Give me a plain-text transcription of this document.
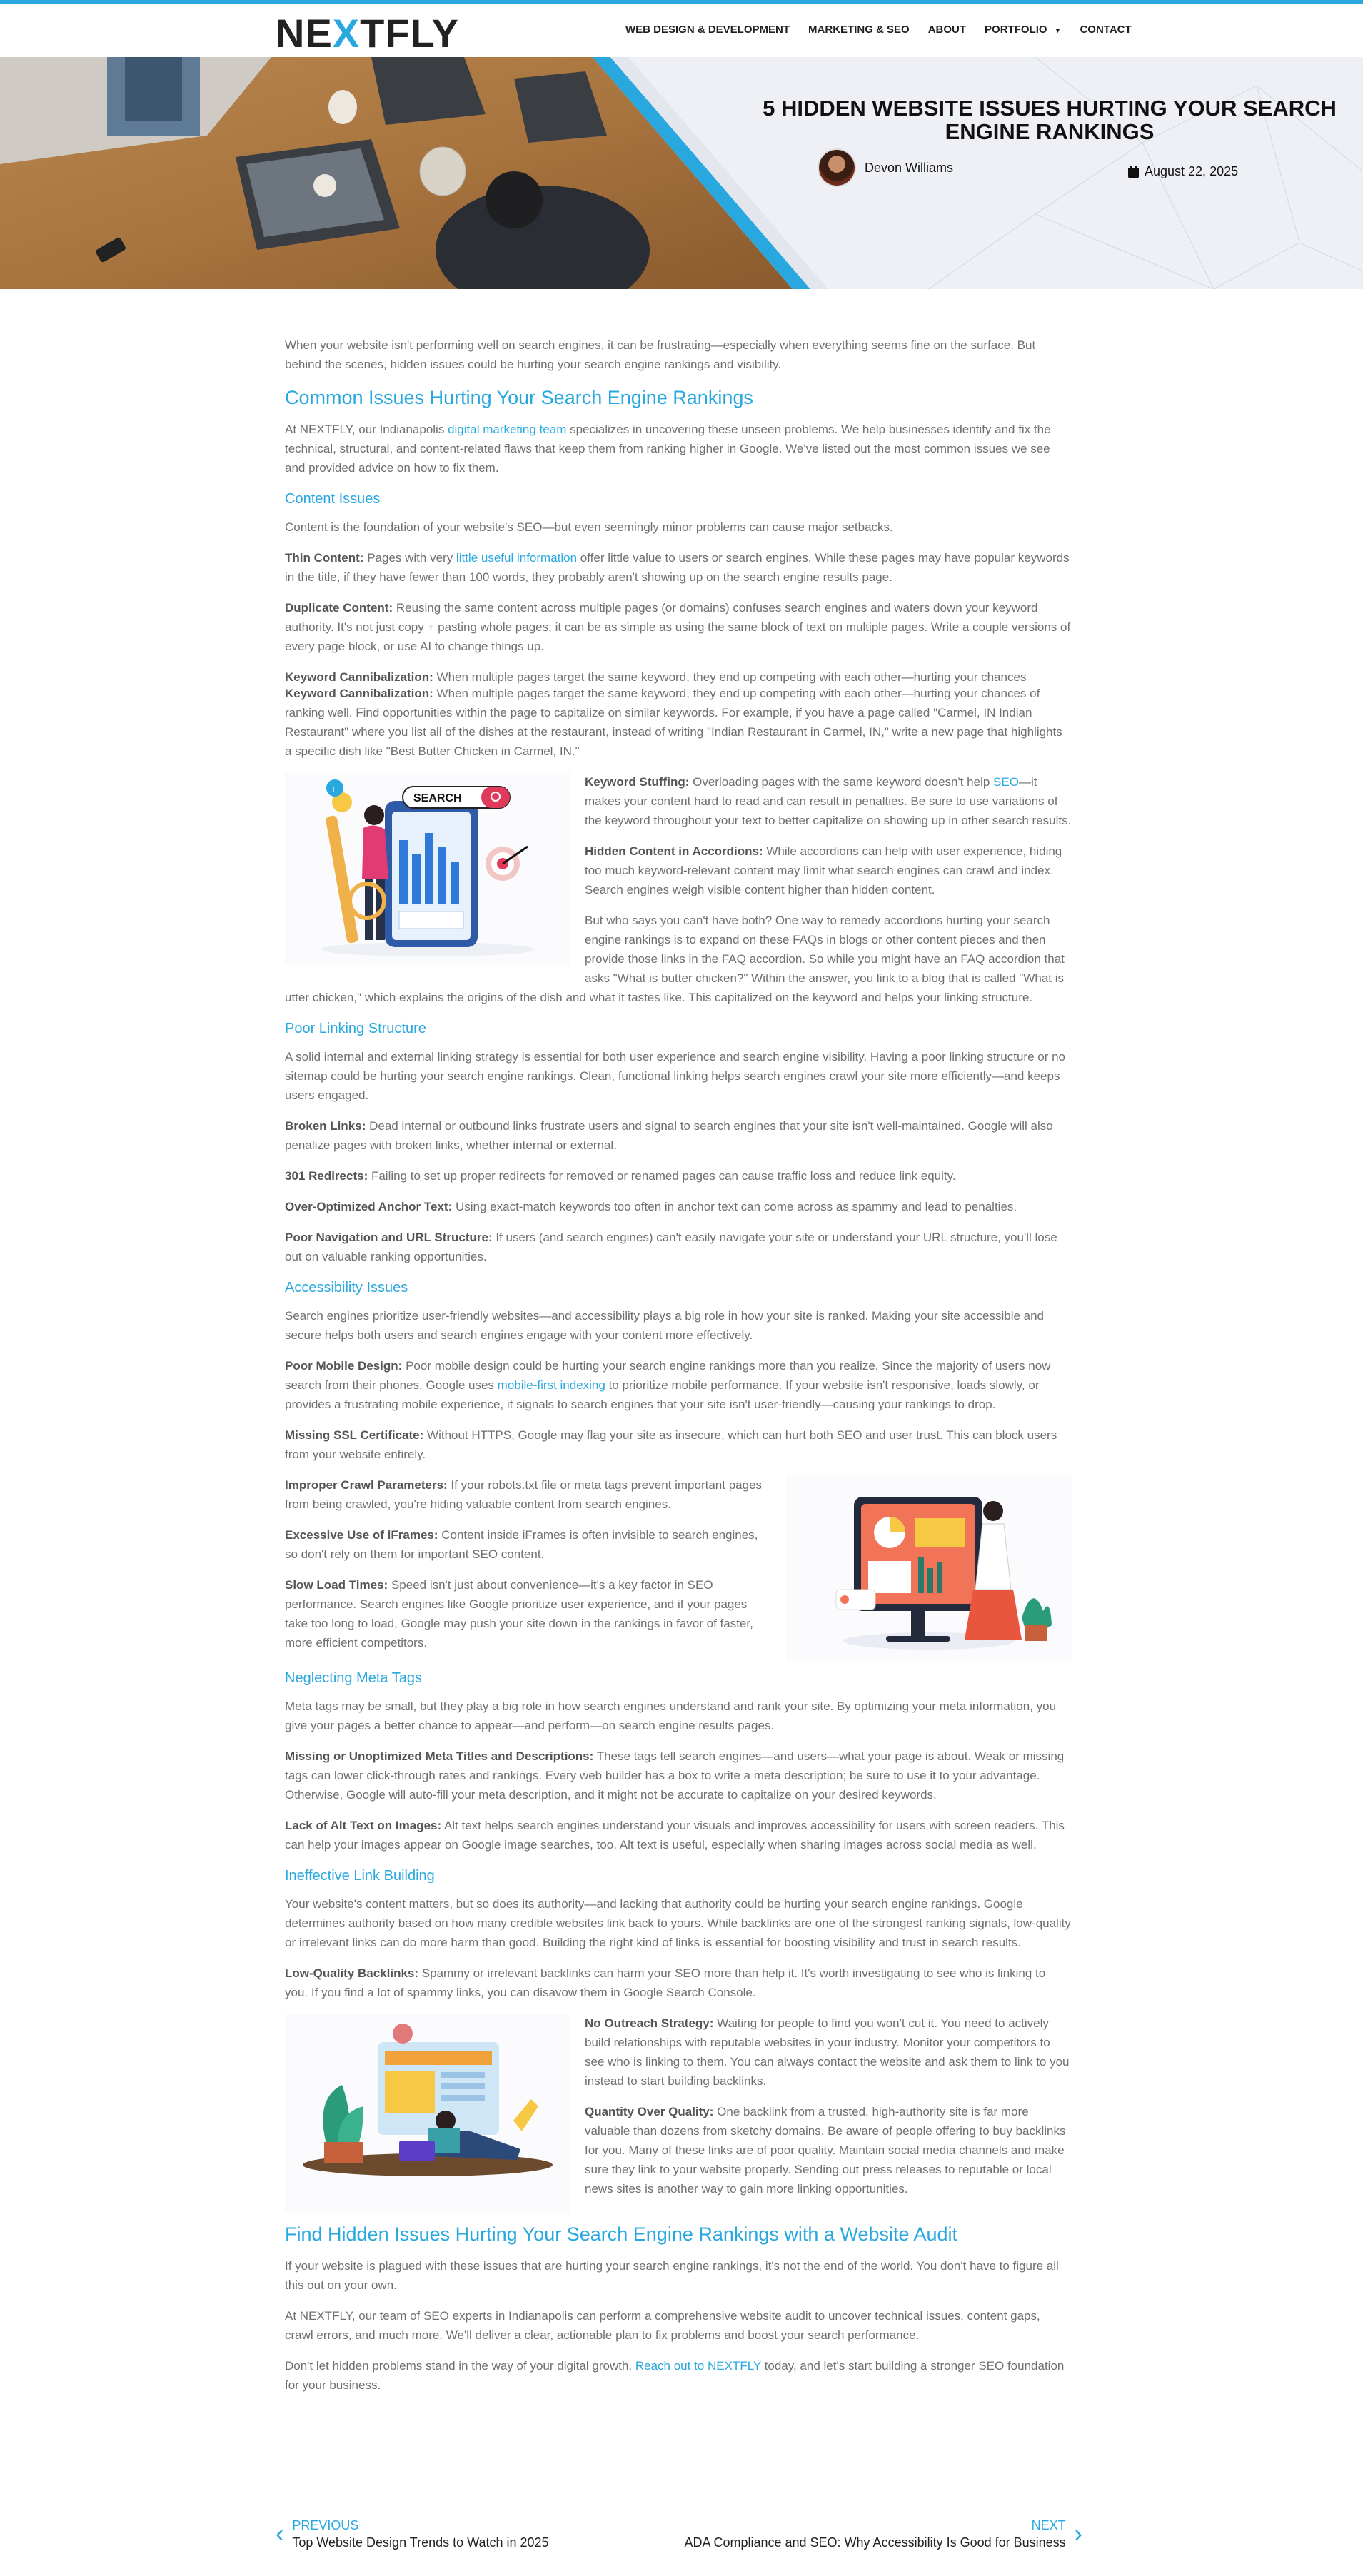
NEXTFLY	WEB DESIGN & DEVELOPMENT MARKETING & SEO ABOUT PORTFOLIO ▼ CONTACT
5 HIDDEN WEBSITE ISSUES HURTING YOUR SEARCH ENGINE RANKINGS
Devon Williams	August 22, 2025

When your website isn't performing well on search engines, it can be frustrating—especially when everything seems fine on the surface. But behind the scenes, hidden issues could be hurting your search engine rankings and visibility.

Common Issues Hurting Your Search Engine Rankings

At NEXTFLY, our Indianapolis digital marketing team specializes in uncovering these unseen problems. We help businesses identify and fix the technical, structural, and content-related flaws that keep them from ranking higher in Google. We've listed out the most common issues we see and provided advice on how to fix them.

Content Issues

Content is the foundation of your website's SEO—but even seemingly minor problems can cause major setbacks.

Thin Content: Pages with very little useful information offer little value to users or search engines. While these pages may have popular keywords in the title, if they have fewer than 100 words, they probably aren't showing up on the search engine results page.

Duplicate Content: Reusing the same content across multiple pages (or domains) confuses search engines and waters down your keyword authority. It's not just copy + pasting whole pages; it can be as simple as using the same block of text on multiple pages. Write a couple versions of every page block, or use AI to change things up.

Keyword Cannibalization: When multiple pages target the same keyword, they end up competing with each other—hurting your chances

Keyword Cannibalization: When multiple pages target the same keyword, they end up competing with each other—hurting your chances of ranking well. Find opportunities within the page to capitalize on similar keywords. For example, if you have a page called "Carmel, IN Indian Restaurant" where you list all of the dishes at the restaurant, instead of writing "Indian Restaurant in Carmel, IN," write a new page that highlights a specific dish like "Best Butter Chicken in Carmel, IN."

SEARCH
+	Keyword Stuffing: Overloading pages with the same keyword doesn't help SEO—it makes your content hard to read and can result in penalties. Be sure to use variations of the keyword throughout your text to better capitalize on showing up in other search results.

Hidden Content in Accordions: While accordions can help with user experience, hiding too much keyword-relevant content may limit what search engines can crawl and index. Search engines weigh visible content higher than hidden content.

But who says you can't have both? One way to remedy accordions hurting your search engine rankings is to expand on these FAQs in blogs or other content pieces and then provide those links in the FAQ accordion. So while you might have an FAQ accordion that asks "What is butter chicken?" Within the answer, you link to a blog that is called "What is utter chicken," which explains the origins of the dish and what it tastes like. This capitalized on the keyword and helps your linking structure.

Poor Linking Structure

A solid internal and external linking strategy is essential for both user experience and search engine visibility. Having a poor linking structure or no sitemap could be hurting your search engine rankings. Clean, functional linking helps search engines crawl your site more efficiently—and keeps users engaged.

Broken Links: Dead internal or outbound links frustrate users and signal to search engines that your site isn't well-maintained. Google will also penalize pages with broken links, whether internal or external.

301 Redirects: Failing to set up proper redirects for removed or renamed pages can cause traffic loss and reduce link equity.

Over-Optimized Anchor Text: Using exact-match keywords too often in anchor text can come across as spammy and lead to penalties.

Poor Navigation and URL Structure: If users (and search engines) can't easily navigate your site or understand your URL structure, you'll lose out on valuable ranking opportunities.

Accessibility Issues

Search engines prioritize user-friendly websites—and accessibility plays a big role in how your site is ranked. Making your site accessible and secure helps both users and search engines engage with your content more effectively.

Poor Mobile Design: Poor mobile design could be hurting your search engine rankings more than you realize. Since the majority of users now search from their phones, Google uses mobile-first indexing to prioritize mobile performance. If your website isn't responsive, loads slowly, or provides a frustrating mobile experience, it signals to search engines that your site isn't user-friendly—causing your rankings to drop.

Missing SSL Certificate: Without HTTPS, Google may flag your site as insecure, which can hurt both SEO and user trust. This can block users from your website entirely.

Improper Crawl Parameters: If your robots.txt file or meta tags prevent important pages from being crawled, you're hiding valuable content from search engines.

Excessive Use of iFrames: Content inside iFrames is often invisible to search engines, so don't rely on them for important SEO content.

Slow Load Times: Speed isn't just about convenience—it's a key factor in SEO performance. Search engines like Google prioritize user experience, and if your pages take too long to load, Google may push your site down in the rankings in favor of faster, more efficient competitors.

Neglecting Meta Tags

Meta tags may be small, but they play a big role in how search engines understand and rank your site. By optimizing your meta information, you give your pages a better chance to appear—and perform—on search engine results pages.

Missing or Unoptimized Meta Titles and Descriptions: These tags tell search engines—and users—what your page is about. Weak or missing tags can lower click-through rates and rankings. Every web builder has a box to write a meta description; be sure to use it to your advantage. Otherwise, Google will auto-fill your meta description, and it might not be accurate to capitalize on your desired keywords.

Lack of Alt Text on Images: Alt text helps search engines understand your visuals and improves accessibility for users with screen readers. This can help your images appear on Google image searches, too. Alt text is useful, especially when sharing images across social media as well.

Ineffective Link Building

Your website's content matters, but so does its authority—and lacking that authority could be hurting your search engine rankings. Google determines authority based on how many credible websites link back to yours. While backlinks are one of the strongest ranking signals, low-quality or irrelevant links can do more harm than good. Building the right kind of links is essential for boosting visibility and trust in search results.

Low-Quality Backlinks: Spammy or irrelevant backlinks can harm your SEO more than help it. It's worth investigating to see who is linking to you. If you find a lot of spammy links, you can disavow them in Google Search Console.

No Outreach Strategy: Waiting for people to find you won't cut it. You need to actively build relationships with reputable websites in your industry. Monitor your competitors to see who is linking to them. You can always contact the website and ask them to link to you instead to start building backlinks.

Quantity Over Quality: One backlink from a trusted, high-authority site is far more valuable than dozens from sketchy domains. Be aware of people offering to buy backlinks for you. Many of these links are of poor quality. Maintain social media channels and make sure they link to your website properly. Sending out press releases to reputable or local news sites is another way to gain more linking opportunities.

Find Hidden Issues Hurting Your Search Engine Rankings with a Website Audit

If your website is plagued with these issues that are hurting your search engine rankings, it's not the end of the world. You don't have to figure all this out on your own.

At NEXTFLY, our team of SEO experts in Indianapolis can perform a comprehensive website audit to uncover technical issues, content gaps, crawl errors, and much more. We'll deliver a clear, actionable plan to fix problems and boost your search performance.

Don't let hidden problems stand in the way of your digital growth. Reach out to NEXTFLY today, and let's start building a stronger SEO foundation for your business.

‹ PREVIOUS
Top Website Design Trends to Watch in 2025
NEXT
ADA Compliance and SEO: Why Accessibility Is Good for Business ›
